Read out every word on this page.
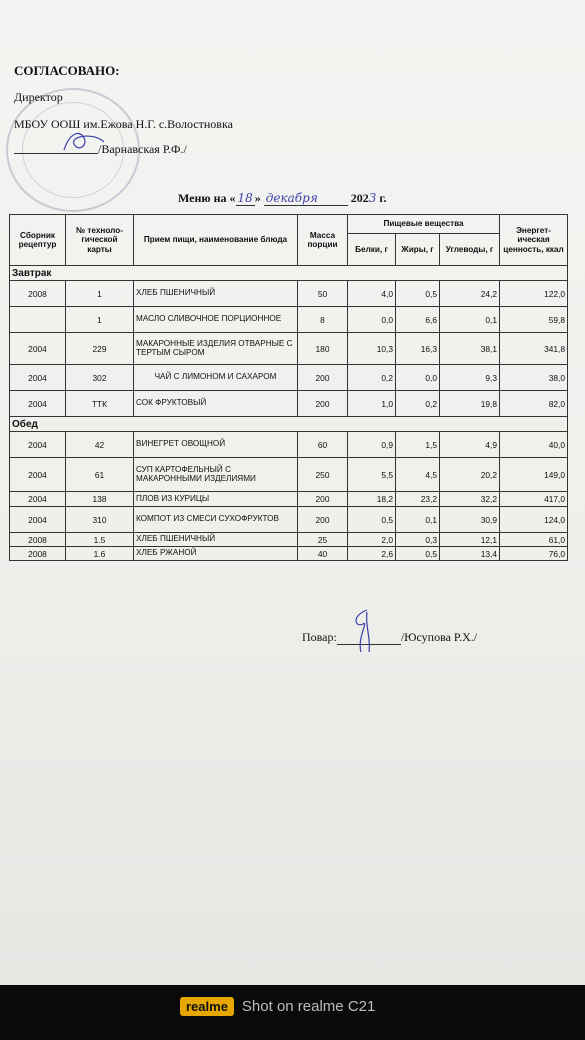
СОГЛАСОВАНО:
Директор
МБОУ ООШ им.Ежова Н.Г. с.Волостновка
/Варнавская Р.Ф./
Меню на « 18 » декабря	2023 г.
Сборник рецептур	№ техноло-гической карты	Прием пищи, наименование блюда	Масса порции	Пищевые вещества			Энергет-ическая ценность, ккал
				Белки, г	Жиры, г	Углеводы, г	
Завтрак							
2008	1	ХЛЕБ ПШЕНИЧНЫЙ	50	4,0	0,5	24,2	122,0
	1	МАСЛО СЛИВОЧНОЕ ПОРЦИОННОЕ	8	0,0	6,6	0,1	59,8
2004	229	МАКАРОННЫЕ ИЗДЕЛИЯ ОТВАРНЫЕ С ТЕРТЫМ СЫРОМ	180	10,3	16,3	38,1	341,8
2004	302	ЧАЙ С ЛИМОНОМ И САХАРОМ	200	0,2	0,0	9,3	38,0
2004	ТТК	СОК ФРУКТОВЫЙ	200	1,0	0,2	19,8	82,0
Обед							
2004	42	ВИНЕГРЕТ ОВОЩНОЙ	60	0,9	1,5	4,9	40,0
2004	61	СУП КАРТОФЕЛЬНЫЙ С МАКАРОННЫМИ ИЗДЕЛИЯМИ	250	5,5	4,5	20,2	149,0
2004	138	ПЛОВ ИЗ КУРИЦЫ	200	18,2	23,2	32,2	417,0
2004	310	КОМПОТ ИЗ СМЕСИ СУХОФРУКТОВ	200	0,5	0,1	30,9	124,0
2008	1.5	ХЛЕБ ПШЕНИЧНЫЙ	25	2,0	0,3	12,1	61,0
2008	1.6	ХЛЕБ РЖАНОЙ	40	2,6	0,5	13,4	76,0
Повар:	/Юсупова Р.Х./
realme Shot on realme C21
